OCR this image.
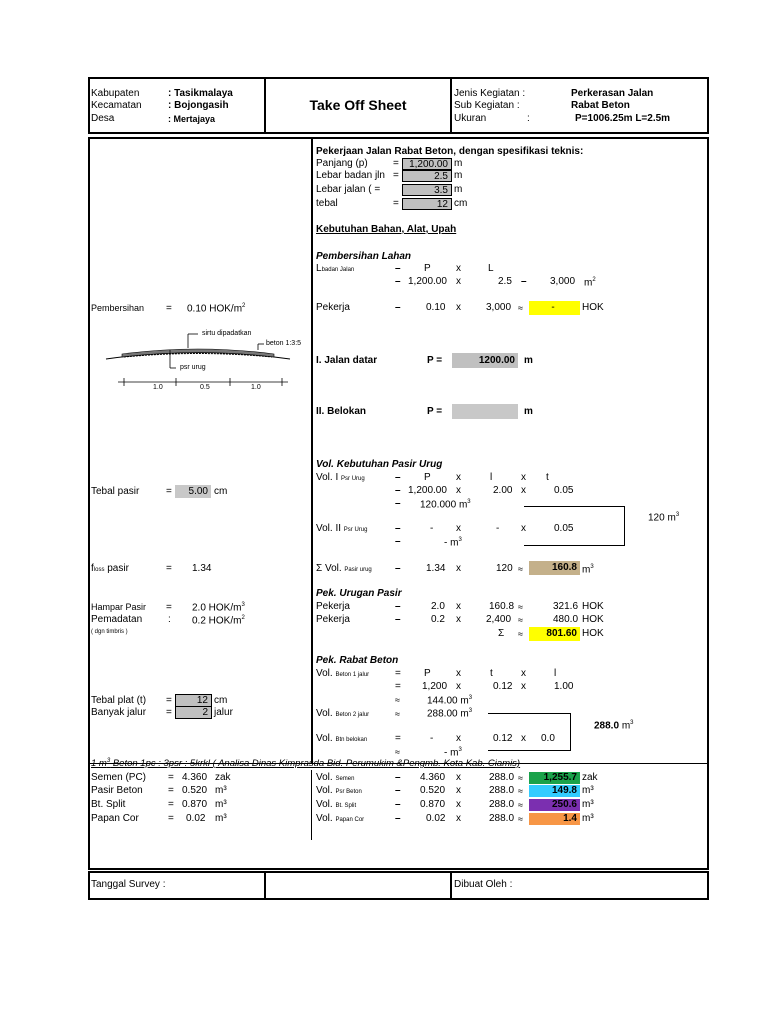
Kabupaten	: Tasikmalaya
Kecamatan	: Bojongasih
Desa	: Mertajaya
Take Off Sheet
Jenis Kegiatan :	Perkerasan Jalan
Sub Kegiatan :	Rabat Beton
Ukuran	:	P=1006.25m L=2.5m
Pekerjaan Jalan Rabat Beton, dengan spesifikasi teknis:
Panjang (p)	=	1,200.00 m
Lebar badan jln =	2.5 m
Lebar jalan ( =	3.5 m
tebal	=	12 cm
Kebutuhan Bahan, Alat, Upah
Pembersihan Lahan
Lbadan Jalan	– P	x	L
– 1,200.00 x	2.5 – 3,000 $m^2$
Pekerja	–	0.10 x	3,000 ≈	-	HOK
Pembersihan = 0.10 HOK/$m^2$
sirtu dipadatkan
beton 1:3:5
psr urug
1.0	0.5	1.0
I. Jalan datar	P =	1200.00 m
II. Belokan	P =	m
Vol. Kebutuhan Pasir Urug
Vol. I Psr Urug	– P	x	l	x t
– 1,200.00 x	2.00 x	0.05
– 120.000 $m^3$
120 $m^3$
Vol. II Psr Urug	–	- x	- x	0.05
–	- $m^3$
Σ Vol. Pasir urug –	1.34 x	120 ≈	160.8 $m^3$
Tebal pasir	=	5.00 cm
floss pasir	= 1.34
Pek. Urugan Pasir
Pekerja	–	2.0 x	160.8 ≈	321.6 HOK
Pekerja	–	0.2 x	2,400 ≈	480.0 HOK
Σ ≈	801.60 HOK
Hampar Pasir = 2.0 HOK/$m^3$
Pemadatan	: 0.2 HOK/$m^2$
( dgn timbris )
Pek. Rabat Beton
Vol. Beton 1 jalur	= P	x	t	x	l
= 1,200 x	0.12 x	1.00
≈	144.00 $m^3$
Vol. Beton 2 jalur	≈	288.00 $m^3$
288.0 $m^3$
Vol. Btn belokan	=	- x	0.12 x 0.0
≈	- $m^3$
Tebal plat (t) =	12 cm
Banyak jalur =	2 jalur
1 $m^3$ Beton 1pc : 3psr : 5krkl ( Analisa Dinas Kimprasda Bid. Perumukim &Pengmb. Kota Kab. Ciamis)
Semen (PC) = 4.360 zak	Vol. Semen	– 4.360 x	288.0 ≈	1,255.7 zak
Pasir Beton	= 0.520 m³	Vol. Psr Beton	– 0.520 x	288.0 ≈	149.8 m³
Bt. Split	= 0.870 m³	Vol. Bt. Split	– 0.870 x	288.0 ≈	250.6 m³
Papan Cor	= 0.02 m³	Vol. Papan Cor	–	0.02 x	288.0 ≈	1.4 m³
Tanggal Survey :	Dibuat Oleh :
